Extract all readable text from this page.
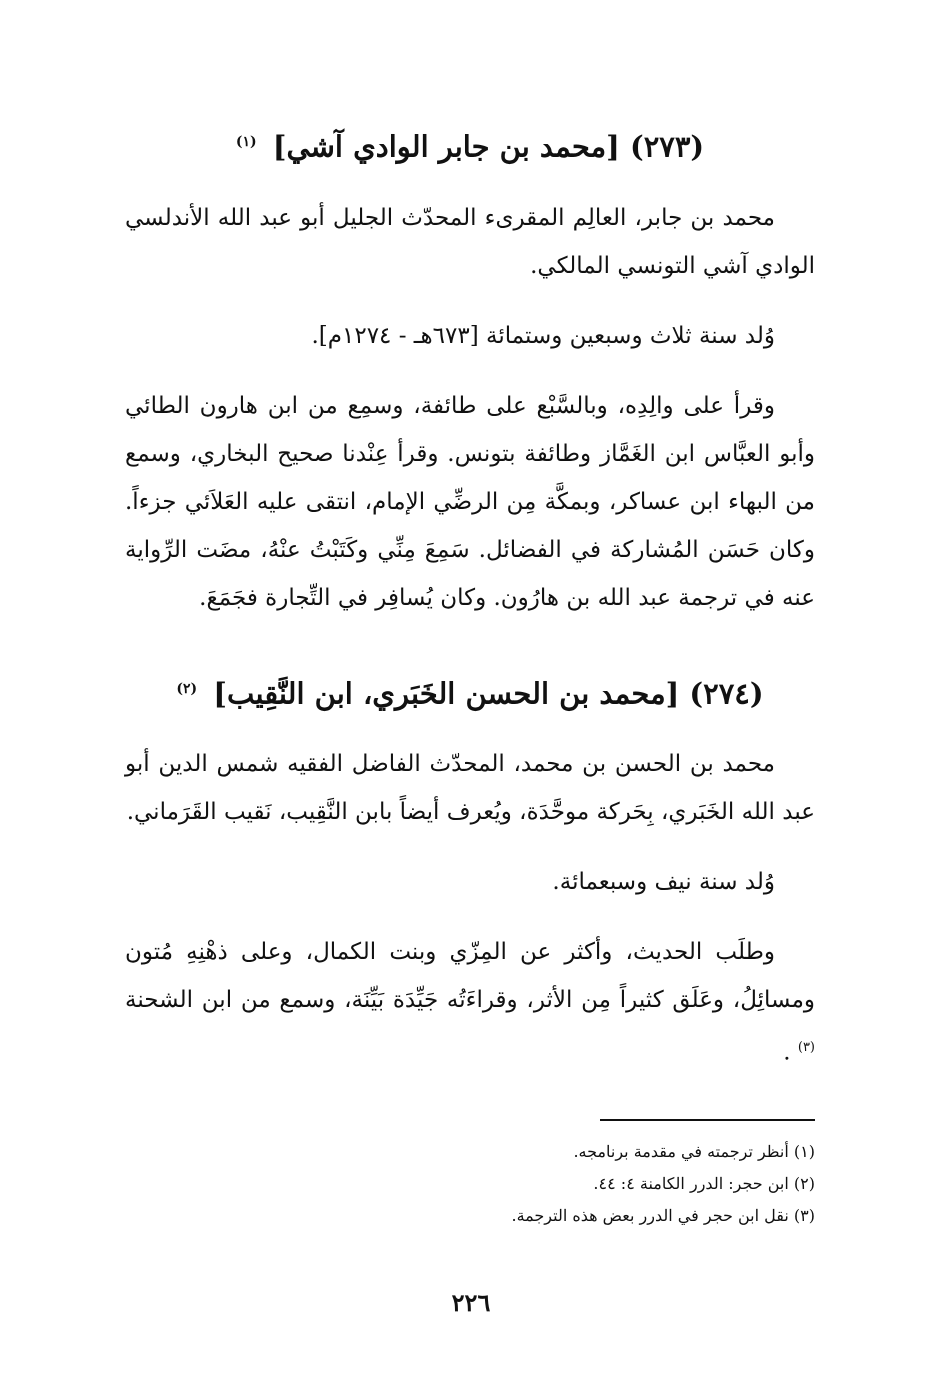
(٢٧٣) [محمد بن جابر الوادي آشي] $^{(١)}$

محمد بن جابر، العالِم المقرىء المحدّث الجليل أبو عبد الله الأندلسي الوادي آشي التونسي المالكي.

وُلد سنة ثلاث وسبعين وستمائة [٦٧٣هـ - ١٢٧٤م].

وقرأ على والِدِه، وبالسَّبْع على طائفة، وسمِع من ابن هارون الطائي وأبو العبَّاس ابن الغَمَّاز وطائفة بتونس. وقرأ عِنْدنا صحيح البخاري، وسمع من البهاء ابن عساكر، وبمكَّة مِن الرضِّي الإمام، انتقى عليه العَلاَئي جزءاً. وكان حَسَن المُشاركة في الفضائل. سَمِعَ مِنِّي وكَتَبْتُ عنْهُ، مضَت الرِّواية عنه في ترجمة عبد الله بن هارُون. وكان يُسافِر في التِّجارة فجَمَعَ.

(٢٧٤) [محمد بن الحسن الخَبَري، ابن النَّقِيب] $^{(٢)}$

محمد بن الحسن بن محمد، المحدّث الفاضل الفقيه شمس الدين أبو عبد الله الخَبَري، بِحَركة موحَّدَة، ويُعرف أيضاً بابن النَّقِيب، نَقيب القَرَماني.

وُلد سنة نيف وسبعمائة.

وطلَب الحديث، وأكثر عن المِزّي وبنت الكمال، وعلى ذهْنِهِ مُتون ومسائِلُ، وعَلَق كثيراً مِن الأثر، وقراءَتُه جَيِّدَة بَيِّنَة، وسمع من ابن الشحنة $^{(٣)}$ .

(١) أنظر ترجمته في مقدمة برنامجه.
(٢) ابن حجر: الدرر الكامنة ٤: ٤٤.
(٣) نقل ابن حجر في الدرر بعض هذه الترجمة.
٢٢٦
